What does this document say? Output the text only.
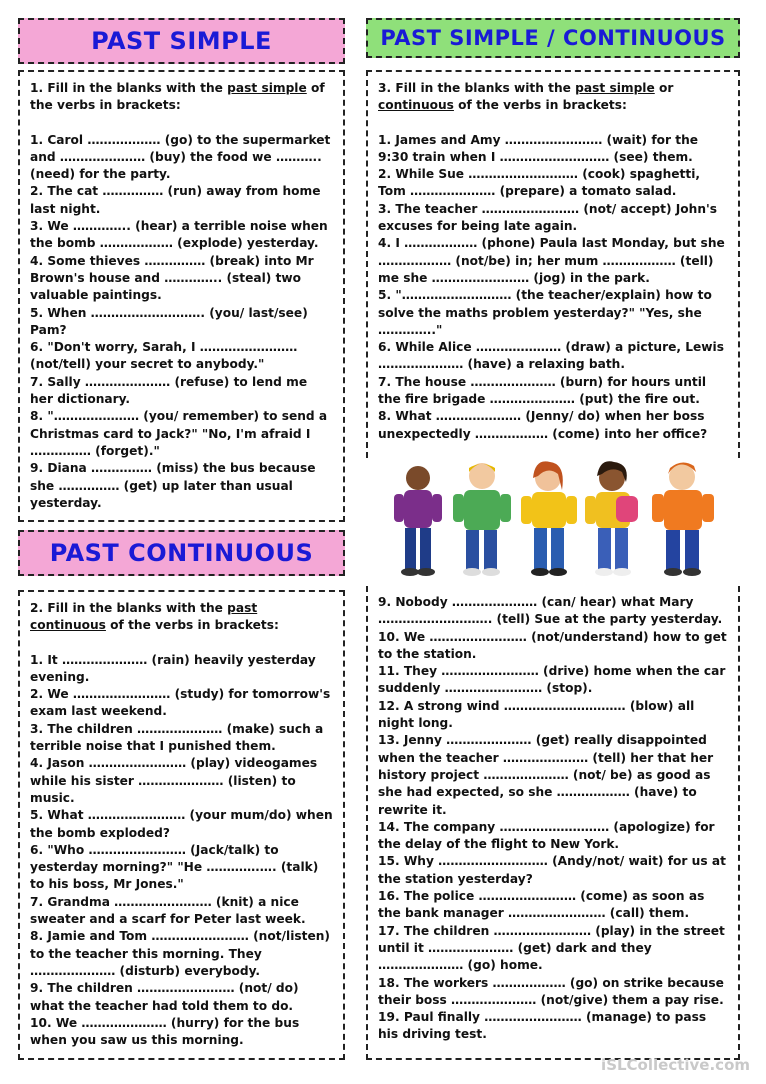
PAST SIMPLE	PAST SIMPLE / CONTINUOUS
PAST CONTINUOUS

1. Fill in the blanks with the past simple of the verbs in brackets:

1. Carol ……………… (go) to the supermarket and ………………… (buy) the food we ……….. (need) for the party.

2. The cat …………… (run) away from home last night.

3. We ………….. (hear) a terrible noise when the bomb ……………… (explode) yesterday.

4. Some thieves …………… (break) into Mr Brown's house and ………….. (steal) two valuable paintings.

5. When ………………………. (you/ last/see) Pam?

6. "Don't worry, Sarah, I …………………… (not/tell) your secret to anybody."

7. Sally ………………… (refuse) to lend me her dictionary.

8. "………………… (you/ remember) to send a Christmas card to Jack?" "No, I'm afraid I …………… (forget)."

9. Diana …………… (miss) the bus because she …………… (get) up later than usual yesterday.

2. Fill in the blanks with the past continuous of the verbs in brackets:

1. It ………………… (rain) heavily yesterday evening.

2. We …………………… (study) for tomorrow's exam last weekend.

3. The children ………………… (make) such a terrible noise that I punished them.

4. Jason …………………… (play) videogames while his sister ………………… (listen) to music.

5. What …………………… (your mum/do) when the bomb exploded?

6. "Who …………………… (Jack/talk) to yesterday morning?" "He ………….…. (talk) to his boss, Mr Jones."

7. Grandma …………………… (knit) a nice sweater and a scarf for Peter last week.

8. Jamie and Tom …………………… (not/listen) to the teacher this morning. They ………………… (disturb) everybody.

9. The children …………………… (not/ do) what the teacher had told them to do.

10. We ………………… (hurry) for the bus when you saw us this morning.

3. Fill in the blanks with the past simple or continuous of the verbs in brackets:

1. James and Amy …………………… (wait) for the 9:30 train when I ……………………… (see) them.

2. While Sue ……………………… (cook) spaghetti, Tom ………………… (prepare) a tomato salad.

3. The teacher …………………… (not/ accept) John's excuses for being late again.

4. I ……………… (phone) Paula last Monday, but she ……………… (not/be) in; her mum ……………… (tell) me she …………………… (jog) in the park.

5. "……………………… (the teacher/explain) how to solve the maths problem yesterday?" "Yes, she ………….."

6. While Alice ………………… (draw) a picture, Lewis ………………… (have) a relaxing bath.

7. The house ………………… (burn) for hours until the fire brigade ………………… (put) the fire out.

8. What ………………… (Jenny/ do) when her boss unexpectedly ……………… (come) into her office?

9. Nobody ………………… (can/ hear) what Mary ………………………. (tell) Sue at the party yesterday.

10. We …………………… (not/understand) how to get to the station.

11. They …………………… (drive) home when the car suddenly …………………… (stop).

12. A strong wind ………………………… (blow) all night long.

13. Jenny ………………… (get) really disappointed when the teacher ………………… (tell) her that her history project ………………… (not/ be) as good as she had expected, so she ……………… (have) to rewrite it.

14. The company ……………………… (apologize) for the delay of the flight to New York.

15. Why ……………………… (Andy/not/ wait) for us at the station yesterday?

16. The police …………………… (come) as soon as the bank manager …………………… (call) them.

17. The children …………………… (play) in the street until it ………………… (get) dark and they ………………… (go) home.

18. The workers ……………… (go) on strike because their boss ………………… (not/give) them a pay rise.

19. Paul finally …………………… (manage) to pass his driving test.

iSLCollective.com
